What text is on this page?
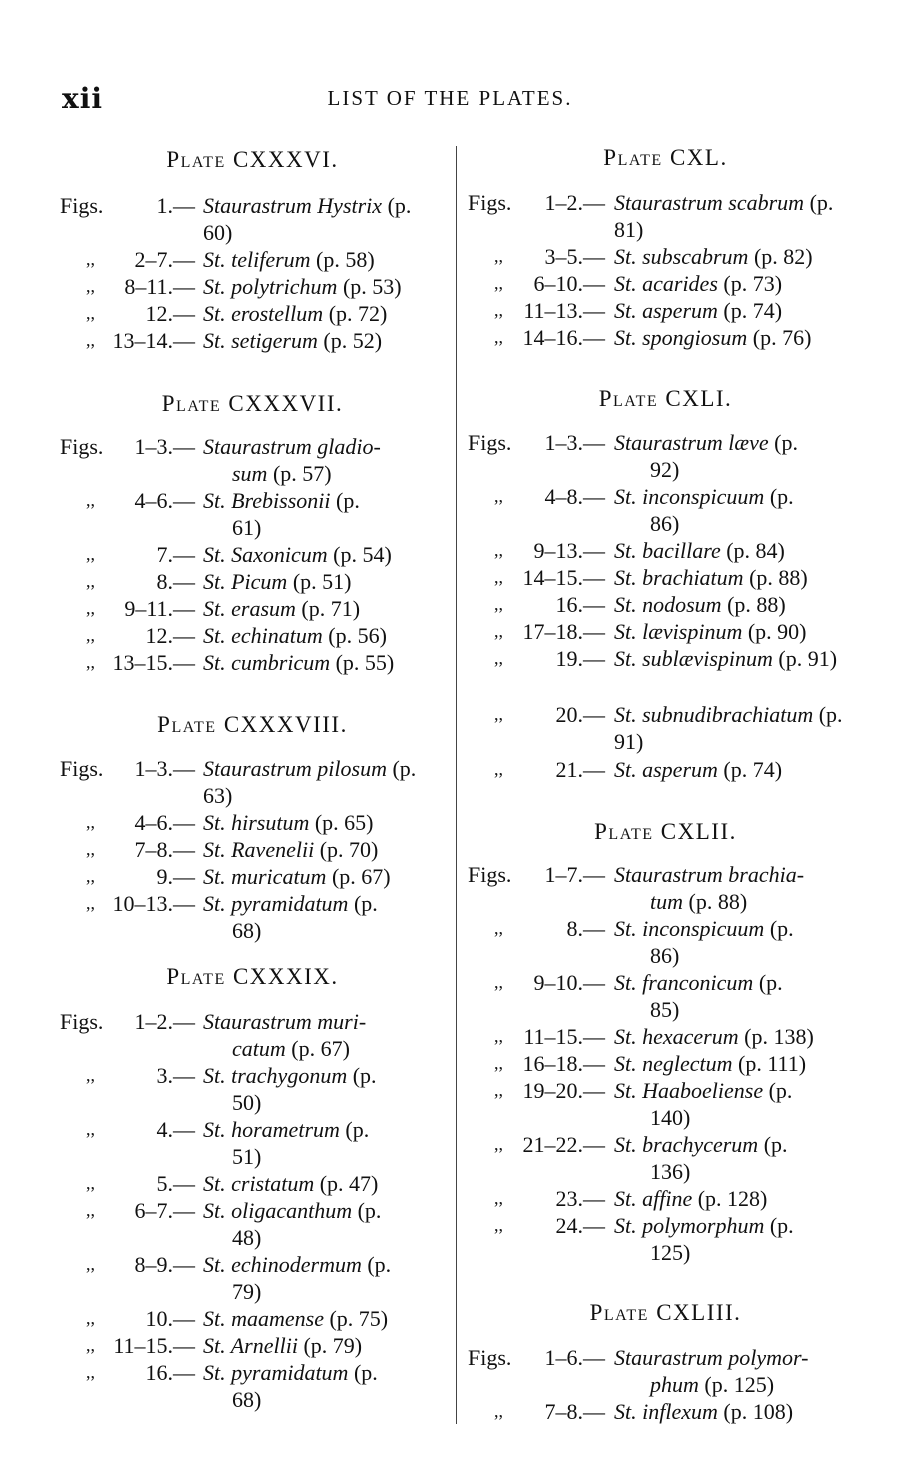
xii	LIST OF THE PLATES.
Plate CXXXVI.
Figs. 1.— Staurastrum Hystrix (p. 60)
,, 2–7.— St. teliferum (p. 58)
,, 8–11.— St. polytrichum (p. 53)
,, 12.— St. erostellum (p. 72)
,, 13–14.— St. setigerum (p. 52)
Plate CXXXVII.
Figs. 1–3.— Staurastrum gladio-
sum (p. 57)
,, 4–6.— St. Brebissonii (p.
61)
,,	7.— St. Saxonicum (p. 54)
,,	8.— St. Picum (p. 51)
,, 9–11.— St. erasum (p. 71)
,, 12.— St. echinatum (p. 56)
,, 13–15.— St. cumbricum (p. 55)
Plate CXXXVIII.
Figs. 1–3.— Staurastrum pilosum (p. 63)
,, 4–6.— St. hirsutum (p. 65)
,, 7–8.— St. Ravenelii (p. 70)
,,	9.— St. muricatum (p. 67)
,, 10–13.— St. pyramidatum (p.
68)
Plate CXXXIX.
Figs. 1–2.— Staurastrum muri-
catum (p. 67)
,,	3.— St. trachygonum (p.
50)
,,	4.— St. horametrum (p.
51)
,,	5.— St. cristatum (p. 47)
,, 6–7.— St. oligacanthum (p.
48)
,, 8–9.— St. echinodermum (p.
79)
,, 10.— St. maamense (p. 75)
,, 11–15.— St. Arnellii (p. 79)
,, 16.— St. pyramidatum (p.
68)
Plate CXL.
Figs. 1–2.— Staurastrum scabrum (p. 81)
,, 3–5.— St. subscabrum (p. 82)
,, 6–10.— St. acarides (p. 73)
,, 11–13.— St. asperum (p. 74)
,, 14–16.— St. spongiosum (p. 76)
Plate CXLI.
Figs. 1–3.— Staurastrum læve (p.
92)
,, 4–8.— St. inconspicuum (p.
86)
,, 9–13.— St. bacillare (p. 84)
,, 14–15.— St. brachiatum (p. 88)
,, 16.— St. nodosum (p. 88)
,, 17–18.— St. lævispinum (p. 90)
,, 19.— St. sublævispinum (p. 91)
,, 20.— St. subnudibrachiatum (p. 91)
,, 21.— St. asperum (p. 74)
Plate CXLII.
Figs. 1–7.— Staurastrum brachia-
tum (p. 88)
,,	8.— St. inconspicuum (p.
86)
,, 9–10.— St. franconicum (p.
85)
,, 11–15.— St. hexacerum (p. 138)
,, 16–18.— St. neglectum (p. 111)
,, 19–20.— St. Haaboeliense (p.
140)
,, 21–22.— St. brachycerum (p.
136)
,, 23.— St. affine (p. 128)
,, 24.— St. polymorphum (p.
125)
Plate CXLIII.
Figs. 1–6.— Staurastrum polymor-
phum (p. 125)
,, 7–8.— St. inflexum (p. 108)
